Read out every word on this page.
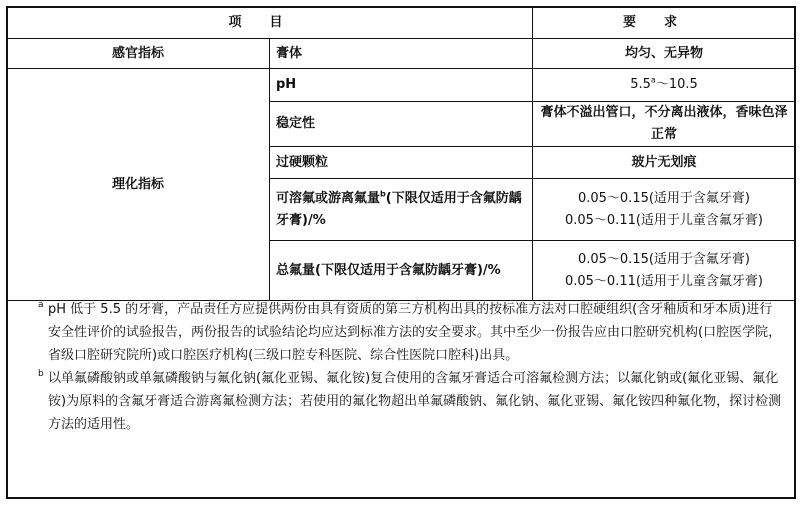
项目		要求
感官指标	膏体	均匀、无异物
理化指标	pH	5.5$^a$～10.5
	稳定性	膏体不溢出管口，不分离出液体，香味色泽正常
	过硬颗粒	玻片无划痕
	可溶氟或游离氟量$^b$(下限仅适用于含氟防龋牙膏)/%	0.05～0.15(适用于含氟牙膏)
0.05～0.11(适用于儿童含氟牙膏)

	总氟量(下限仅适用于含氟防龋牙膏)/%	0.05～0.15(适用于含氟牙膏)
0.05～0.11(适用于儿童含氟牙膏)
a pH 低于 5.5 的牙膏，产品责任方应提供两份由具有资质的第三方机构出具的按标准方法对口腔硬组织(含牙釉质和牙本质)进行安全性评价的试验报告，两份报告的试验结论均应达到标准方法的安全要求。其中至少一份报告应由口腔研究机构(口腔医学院，省级口腔研究院所)或口腔医疗机构(三级口腔专科医院、综合性医院口腔科)出具。
b 以单氟磷酸钠或单氟磷酸钠与氟化钠(氟化亚锡、氟化铵)复合使用的含氟牙膏适合可溶氟检测方法；以氟化钠或(氟化亚锡、氟化铵)为原料的含氟牙膏适合游离氟检测方法；若使用的氟化物超出单氟磷酸钠、氟化钠、氟化亚锡、氟化铵四种氟化物，探讨检测方法的适用性。
